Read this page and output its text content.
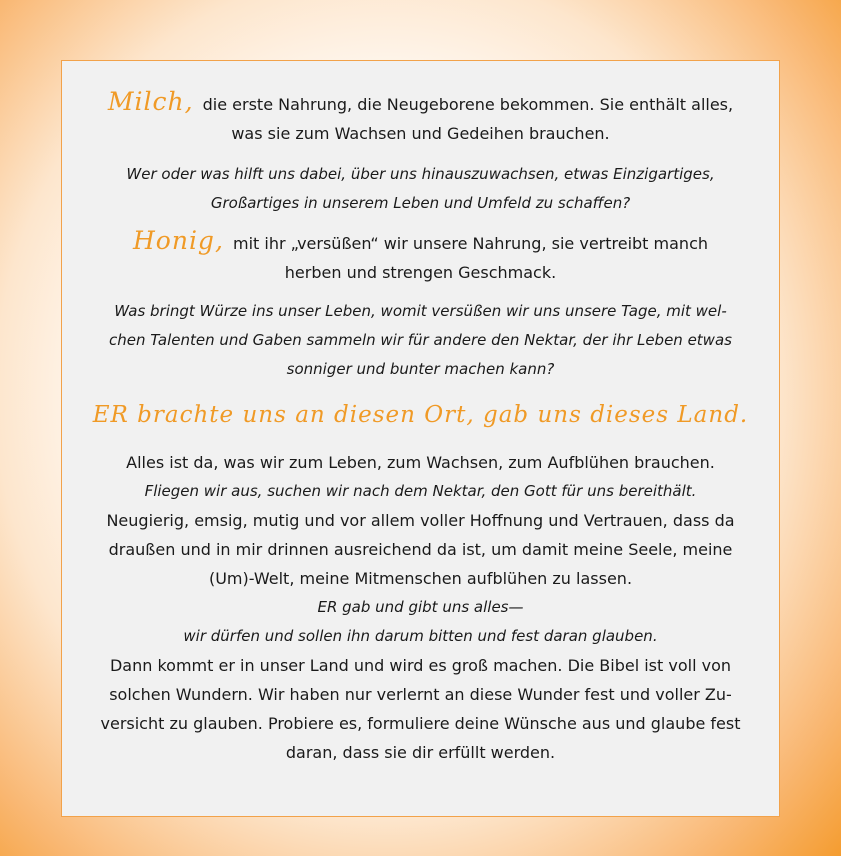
Milch, die erste Nahrung, die Neugeborene bekommen. Sie enthält alles,

was sie zum Wachsen und Gedeihen brauchen.

Wer oder was hilft uns dabei, über uns hinauszuwachsen, etwas Einzigartiges,

Großartiges in unserem Leben und Umfeld zu schaffen?

Honig, mit ihr „versüßen“ wir unsere Nahrung, sie vertreibt manch

herben und strengen Geschmack.

Was bringt Würze ins unser Leben, womit versüßen wir uns unsere Tage, mit wel-

chen Talenten und Gaben sammeln wir für andere den Nektar, der ihr Leben etwas

sonniger und bunter machen kann?

ER brachte uns an diesen Ort, gab uns dieses Land.

Alles ist da, was wir zum Leben, zum Wachsen, zum Aufblühen brauchen.

Fliegen wir aus, suchen wir nach dem Nektar, den Gott für uns bereithält.

Neugierig, emsig, mutig und vor allem voller Hoffnung und Vertrauen, dass da

draußen und in mir drinnen ausreichend da ist, um damit meine Seele, meine

(Um)-Welt, meine Mitmenschen aufblühen zu lassen.

ER gab und gibt uns alles—

wir dürfen und sollen ihn darum bitten und fest daran glauben.

Dann kommt er in unser Land und wird es groß machen. Die Bibel ist voll von

solchen Wundern. Wir haben nur verlernt an diese Wunder fest und voller Zu-

versicht zu glauben. Probiere es, formuliere deine Wünsche aus und glaube fest

daran, dass sie dir erfüllt werden.
